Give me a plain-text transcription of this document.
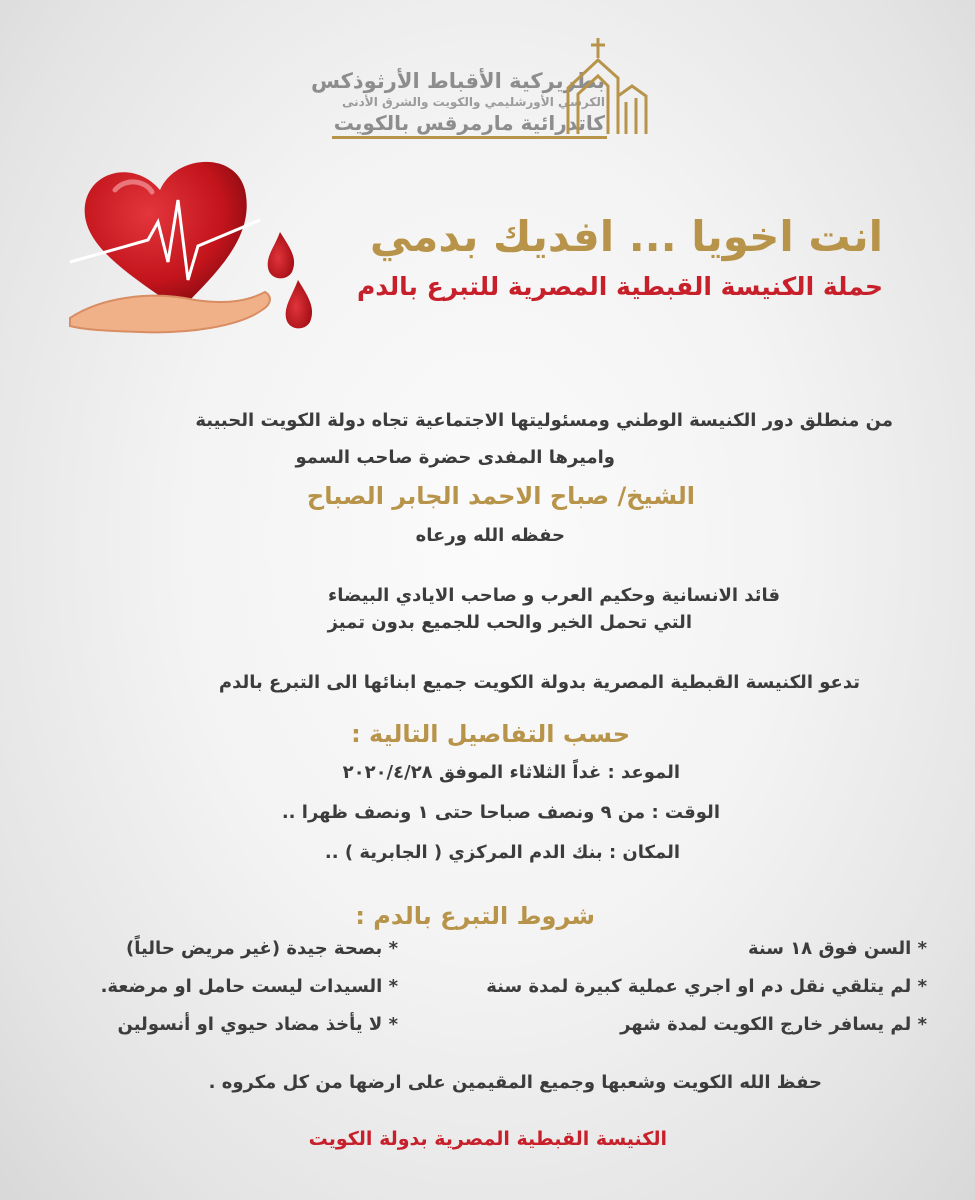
بطريركية الأقباط الأرثوذكس
الكرسي الأورشليمي والكويت والشرق الأدنى
كاتدرائية مارمرقس بالكويت
انت اخويا ... افديك بدمي
حملة الكنيسة القبطية المصرية للتبرع بالدم
من منطلق دور الكنيسة الوطني ومسئوليتها الاجتماعية تجاه دولة الكويت الحبيبة
واميرها المفدى حضرة صاحب السمو
الشيخ/ صباح الاحمد الجابر الصباح
حفظه الله ورعاه
قائد الانسانية وحكيم العرب و صاحب الايادي البيضاء
التي تحمل الخير والحب للجميع بدون تميز
تدعو الكنيسة القبطية المصرية بدولة الكويت جميع ابنائها الى التبرع بالدم
حسب التفاصيل التالية :
الموعد : غداً الثلاثاء الموفق ٢٠٢٠/٤/٢٨
الوقت : من ٩ ونصف صباحا حتى ١ ونصف ظهرا ..
المكان : بنك الدم المركزي ( الجابرية ) ..
شروط التبرع بالدم :
* السن فوق ١٨ سنة
* لم يتلقي نقل دم او اجري عملية كبيرة لمدة سنة
* لم يسافر خارج الكويت لمدة شهر
* بصحة جيدة (غير مريض حالياً)
* السيدات ليست حامل او مرضعة.
* لا يأخذ مضاد حيوي او أنسولين
حفظ الله الكويت وشعبها وجميع المقيمين على ارضها من كل مكروه .
الكنيسة القبطية المصرية بدولة الكويت
